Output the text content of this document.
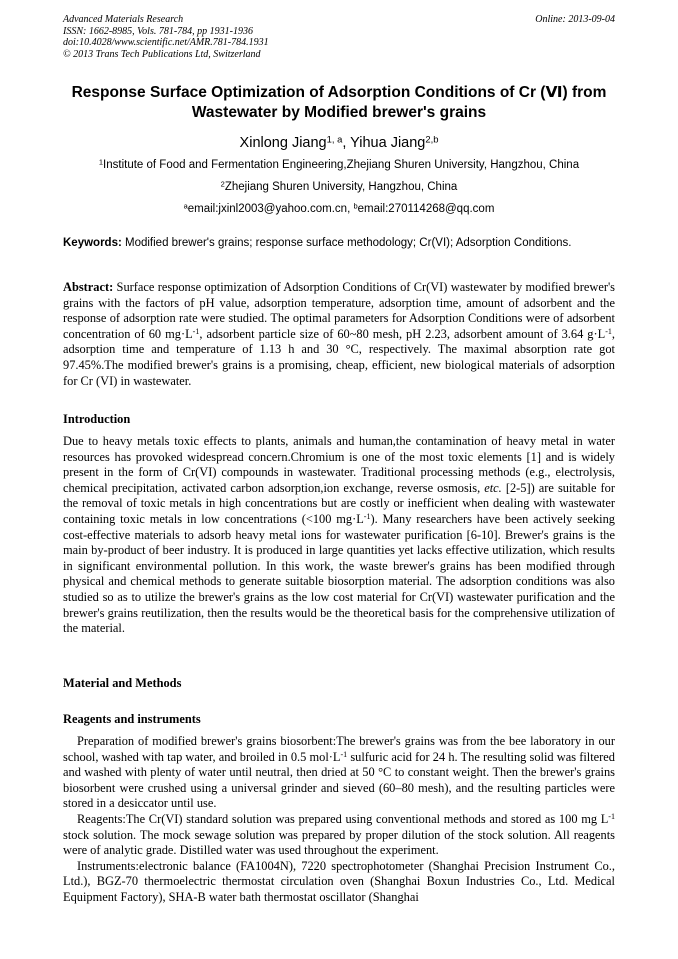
Advanced Materials Research
ISSN: 1662-8985, Vols. 781-784, pp 1931-1936
doi:10.4028/www.scientific.net/AMR.781-784.1931
© 2013 Trans Tech Publications Ltd, Switzerland
Online: 2013-09-04
Response Surface Optimization of Adsorption Conditions of Cr (Ⅵ) from
Wastewater by Modified brewer's grains
Xinlong Jiang$^{1, a}$, Yihua Jiang$^{2,b}$
$^1$Institute of Food and Fermentation Engineering,Zhejiang Shuren University, Hangzhou, China
$^2$Zhejiang Shuren University, Hangzhou, China
$^a$email:jxinl2003@yahoo.com.cn, $^b$email:270114268@qq.com
Keywords: Modified brewer's grains; response surface methodology; Cr(VI); Adsorption Conditions.
Abstract: Surface response optimization of Adsorption Conditions of Cr(VI) wastewater by modified brewer's grains with the factors of pH value, adsorption temperature, adsorption time, amount of adsorbent and the response of adsorption rate were studied. The optimal parameters for Adsorption Conditions were of adsorbent concentration of 60 $mg\cdot L^{-1}$, adsorbent particle size of 60~80 mesh, pH 2.23, adsorbent amount of 3.64 $g\cdot L^{-1}$, adsorption time and temperature of 1.13 h and 30 °C, respectively. The maximal absorption rate got 97.45%.The modified brewer's grains is a promising, cheap, efficient, new biological materials of adsorption for Cr (VI) in wastewater.
Introduction
Due to heavy metals toxic effects to plants, animals and human,the contamination of heavy metal in water resources has provoked widespread concern.Chromium is one of the most toxic elements [1] and is widely present in the form of Cr(VI) compounds in wastewater. Traditional processing methods (e.g., electrolysis, chemical precipitation, activated carbon adsorption,ion exchange, reverse osmosis, etc. [2-5]) are suitable for the removal of toxic metals in high concentrations but are costly or inefficient when dealing with wastewater containing toxic metals in low concentrations (<100 $mg\cdot L^{-1}$). Many researchers have been actively seeking cost-effective materials to adsorb heavy metal ions for wastewater purification [6-10]. Brewer's grains is the main by-product of beer industry. It is produced in large quantities yet lacks effective utilization, which results in significant environmental pollution. In this work, the waste brewer's grains has been modified through physical and chemical methods to generate suitable biosorption material. The adsorption conditions was also studied so as to utilize the brewer's grains as the low cost material for Cr(VI) wastewater purification and the brewer's grains reutilization, then the results would be the theoretical basis for the comprehensive utilization of the material.
Material and Methods
Reagents and instruments

Preparation of modified brewer's grains biosorbent:The brewer's grains was from the bee laboratory in our school, washed with tap water, and broiled in 0.5 $mol\cdot L^{-1}$ sulfuric acid for 24 h. The resulting solid was filtered and washed with plenty of water until neutral, then dried at 50 °C to constant weight. Then the brewer's grains biosorbent were crushed using a universal grinder and sieved (60–80 mesh), and the resulting particles were stored in a desiccator until use.

Reagents:The Cr(VI) standard solution was prepared using conventional methods and stored as 100 mg $L^{-1}$ stock solution. The mock sewage solution was prepared by proper dilution of the stock solution. All reagents were of analytic grade. Distilled water was used throughout the experiment.

Instruments:electronic balance (FA1004N), 7220 spectrophotometer (Shanghai Precision Instrument Co., Ltd.), BGZ-70 thermoelectric thermostat circulation oven (Shanghai Boxun Industries Co., Ltd. Medical Equipment Factory), SHA-B water bath thermostat oscillator (Shanghai
